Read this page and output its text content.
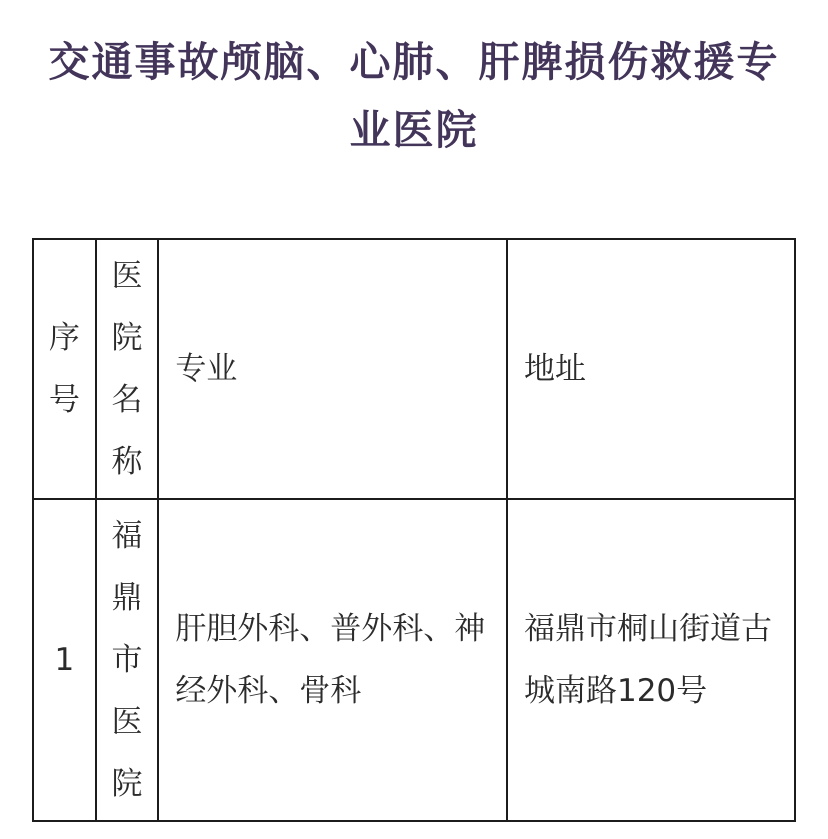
交通事故颅脑、心肺、肝脾损伤救援专业医院
序号	医院名称	专业	地址
1	福鼎市医院	肝胆外科、普外科、神经外科、骨科	福鼎市桐山街道古城南路120号
